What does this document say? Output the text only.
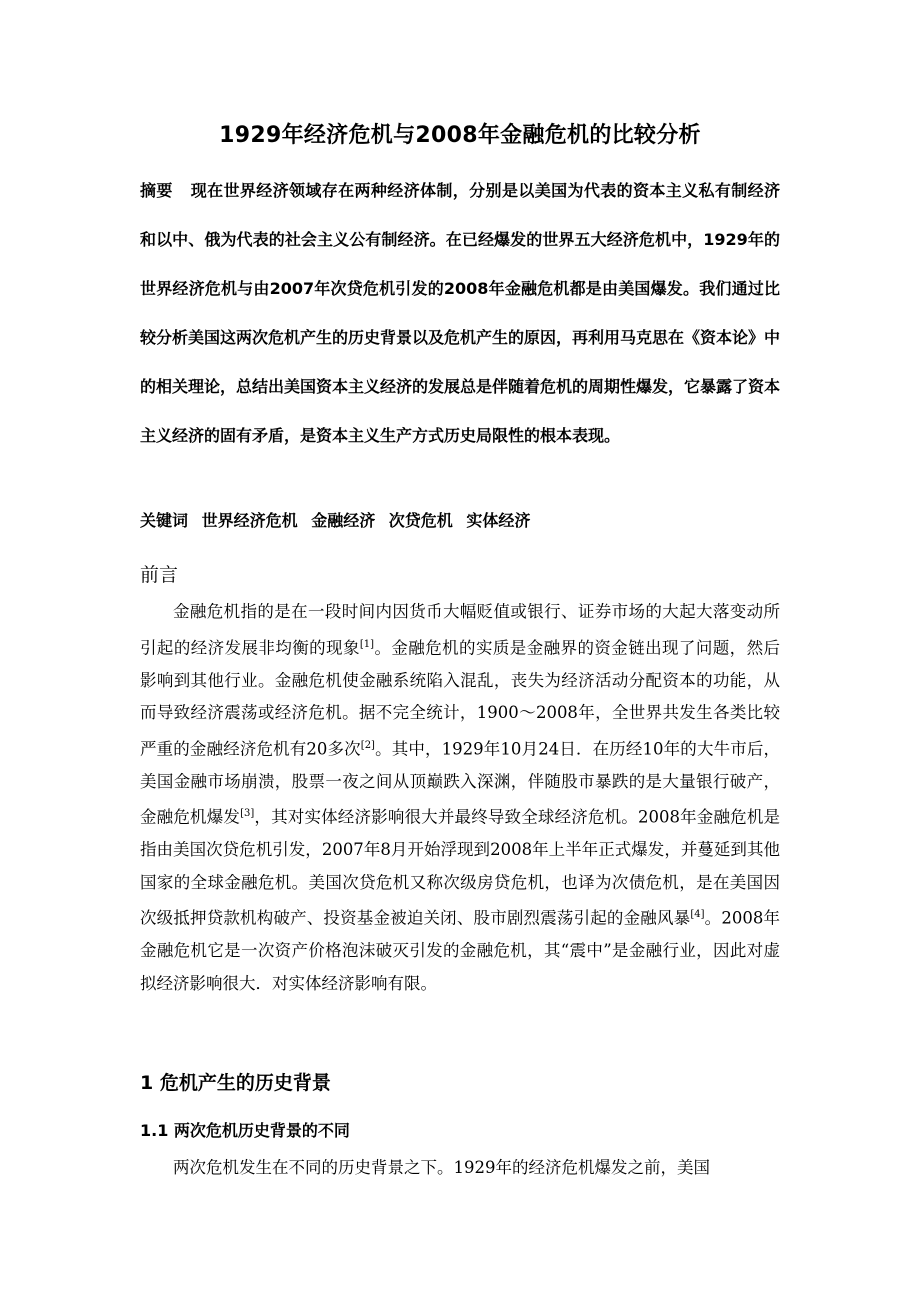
1929年经济危机与2008年金融危机的比较分析
摘要 现在世界经济领域存在两种经济体制，分别是以美国为代表的资本主义私有制经济和以中、俄为代表的社会主义公有制经济。在已经爆发的世界五大经济危机中，1929年的世界经济危机与由2007年次贷危机引发的2008年金融危机都是由美国爆发。我们通过比较分析美国这两次危机产生的历史背景以及危机产生的原因，再利用马克思在《资本论》中的相关理论，总结出美国资本主义经济的发展总是伴随着危机的周期性爆发，它暴露了资本主义经济的固有矛盾，是资本主义生产方式历史局限性的根本表现。
关键词 世界经济危机 金融经济 次贷危机 实体经济
前言
金融危机指的是在一段时间内因货币大幅贬值或银行、证券市场的大起大落变动所引起的经济发展非均衡的现象[1]。金融危机的实质是金融界的资金链出现了问题，然后影响到其他行业。金融危机使金融系统陷入混乱，丧失为经济活动分配资本的功能，从而导致经济震荡或经济危机。据不完全统计，1900～2008年，全世界共发生各类比较严重的金融经济危机有20多次[2]。其中，1929年10月24日．在历经10年的大牛市后，美国金融市场崩溃，股票一夜之间从顶巅跌入深渊，伴随股市暴跌的是大量银行破产，金融危机爆发[3]，其对实体经济影响很大并最终导致全球经济危机。2008年金融危机是指由美国次贷危机引发，2007年8月开始浮现到2008年上半年正式爆发，并蔓延到其他国家的全球金融危机。美国次贷危机又称次级房贷危机，也译为次债危机，是在美国因次级抵押贷款机构破产、投资基金被迫关闭、股市剧烈震荡引起的金融风暴[4]。2008年金融危机它是一次资产价格泡沫破灭引发的金融危机，其“震中”是金融行业，因此对虚拟经济影响很大．对实体经济影响有限。
1 危机产生的历史背景
1.1 两次危机历史背景的不同
两次危机发生在不同的历史背景之下。1929年的经济危机爆发之前，美国
